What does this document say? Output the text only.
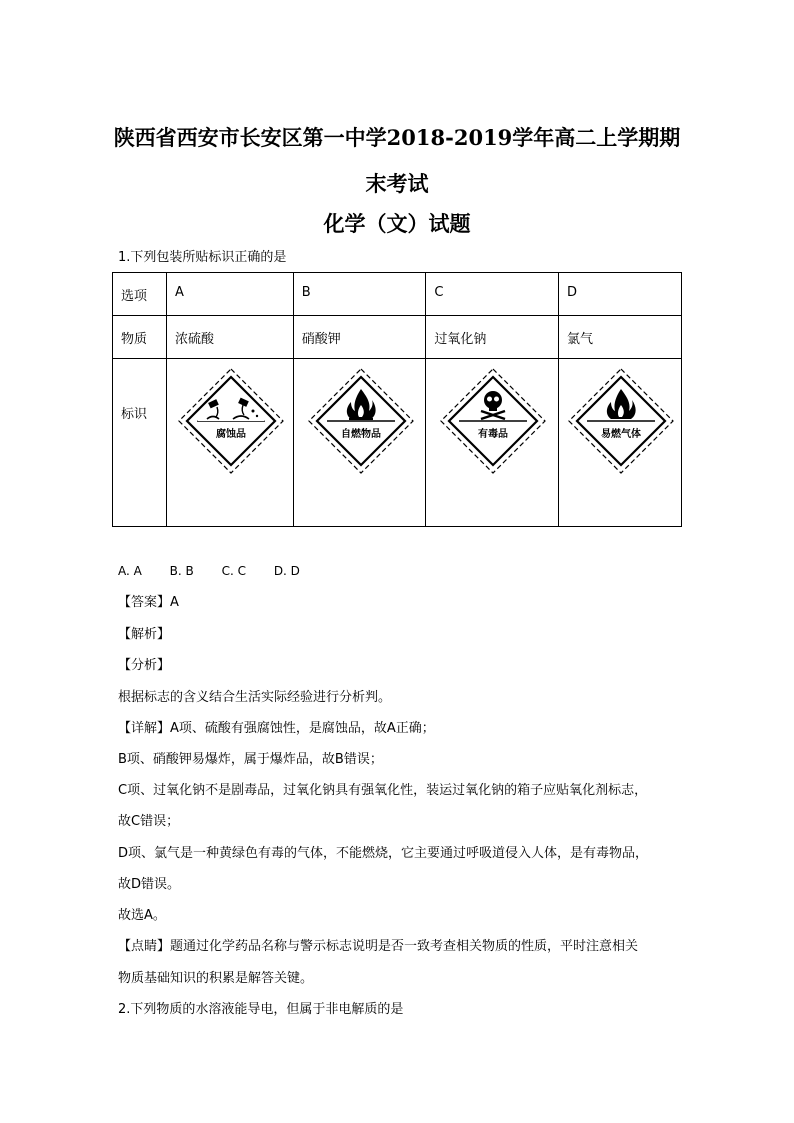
陕西省西安市长安区第一中学2018-2019学年高二上学期期
末考试
化学（文）试题
1.下列包装所贴标识正确的是
选项	A	B	C	D
物质	浓硫酸	硝酸钾	过氧化钠	氯气
标识	腐蚀品	自燃物品	有毒品	易燃气体
A. A B. B C. C D. D
【答案】A
【解析】
【分析】
根据标志的含义结合生活实际经验进行分析判。
【详解】A项、硫酸有强腐蚀性，是腐蚀品，故A正确；
B项、硝酸钾易爆炸，属于爆炸品，故B错误；
C项、过氧化钠不是剧毒品，过氧化钠具有强氧化性，装运过氧化钠的箱子应贴氧化剂标志，
故C错误；
D项、氯气是一种黄绿色有毒的气体，不能燃烧，它主要通过呼吸道侵入人体，是有毒物品，
故D错误。
故选A。
【点睛】题通过化学药品名称与警示标志说明是否一致考查相关物质的性质，平时注意相关
物质基础知识的积累是解答关键。
2.下列物质的水溶液能导电，但属于非电解质的是
